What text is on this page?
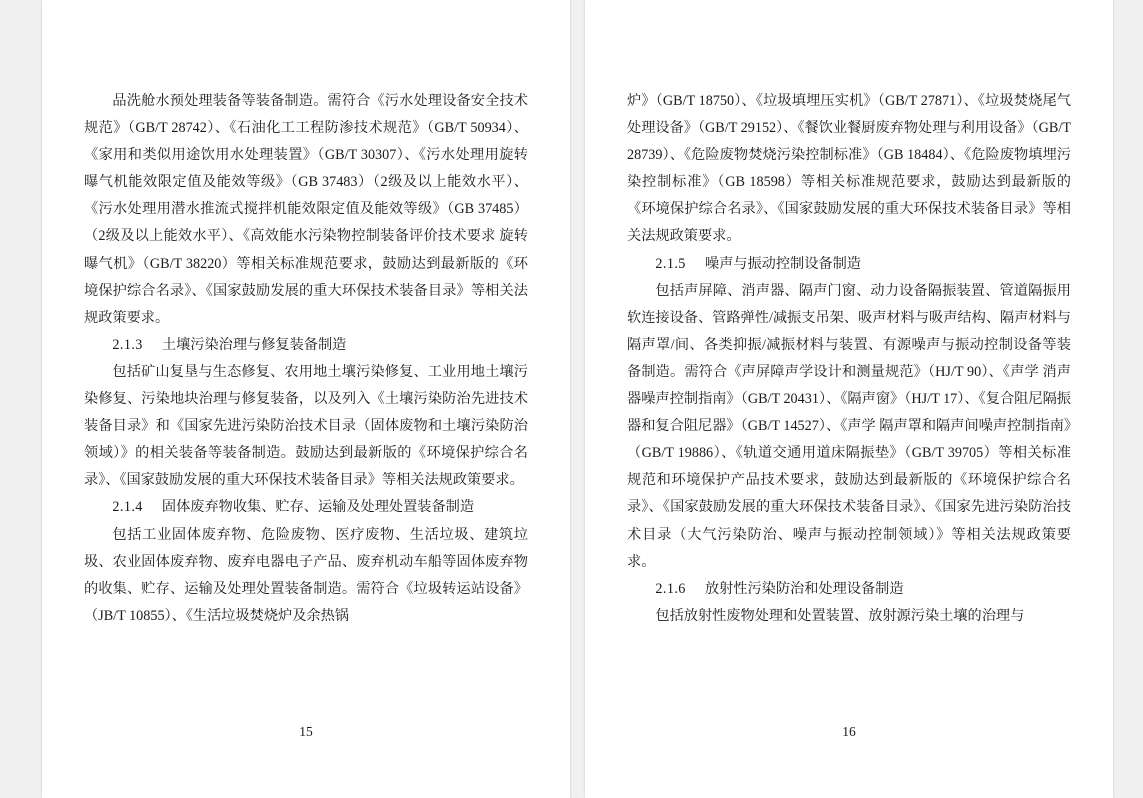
品洗舱水预处理装备等装备制造。需符合《污水处理设备安全技术规范》（GB/T 28742）、《石油化工工程防渗技术规范》（GB/T 50934）、《家用和类似用途饮用水处理装置》（GB/T 30307）、《污水处理用旋转曝气机能效限定值及能效等级》（GB 37483）（2级及以上能效水平）、《污水处理用潜水推流式搅拌机能效限定值及能效等级》（GB 37485）（2级及以上能效水平）、《高效能水污染物控制装备评价技术要求 旋转曝气机》（GB/T 38220）等相关标准规范要求，鼓励达到最新版的《环境保护综合名录》、《国家鼓励发展的重大环保技术装备目录》等相关法规政策要求。

2.1.3 土壤污染治理与修复装备制造

包括矿山复垦与生态修复、农用地土壤污染修复、工业用地土壤污染修复、污染地块治理与修复装备，以及列入《土壤污染防治先进技术装备目录》和《国家先进污染防治技术目录（固体废物和土壤污染防治领域）》的相关装备等装备制造。鼓励达到最新版的《环境保护综合名录》、《国家鼓励发展的重大环保技术装备目录》等相关法规政策要求。

2.1.4 固体废弃物收集、贮存、运输及处理处置装备制造

包括工业固体废弃物、危险废物、医疗废物、生活垃圾、建筑垃圾、农业固体废弃物、废弃电器电子产品、废弃机动车船等固体废弃物的收集、贮存、运输及处理处置装备制造。需符合《垃圾转运站设备》（JB/T 10855）、《生活垃圾焚烧炉及余热锅

15

炉》（GB/T 18750）、《垃圾填埋压实机》（GB/T 27871）、《垃圾焚烧尾气处理设备》（GB/T 29152）、《餐饮业餐厨废弃物处理与利用设备》（GB/T 28739）、《危险废物焚烧污染控制标准》（GB 18484）、《危险废物填埋污染控制标准》（GB 18598）等相关标准规范要求，鼓励达到最新版的《环境保护综合名录》、《国家鼓励发展的重大环保技术装备目录》等相关法规政策要求。

2.1.5 噪声与振动控制设备制造

包括声屏障、消声器、隔声门窗、动力设备隔振装置、管道隔振用软连接设备、管路弹性/减振支吊架、吸声材料与吸声结构、隔声材料与隔声罩/间、各类抑振/减振材料与装置、有源噪声与振动控制设备等装备制造。需符合《声屏障声学设计和测量规范》（HJ/T 90）、《声学 消声器噪声控制指南》（GB/T 20431）、《隔声窗》（HJ/T 17）、《复合阻尼隔振器和复合阻尼器》（GB/T 14527）、《声学 隔声罩和隔声间噪声控制指南》（GB/T 19886）、《轨道交通用道床隔振垫》（GB/T 39705）等相关标准规范和环境保护产品技术要求，鼓励达到最新版的《环境保护综合名录》、《国家鼓励发展的重大环保技术装备目录》、《国家先进污染防治技术目录（大气污染防治、噪声与振动控制领域）》等相关法规政策要求。

2.1.6 放射性污染防治和处理设备制造

包括放射性废物处理和处置装置、放射源污染土壤的治理与

16
